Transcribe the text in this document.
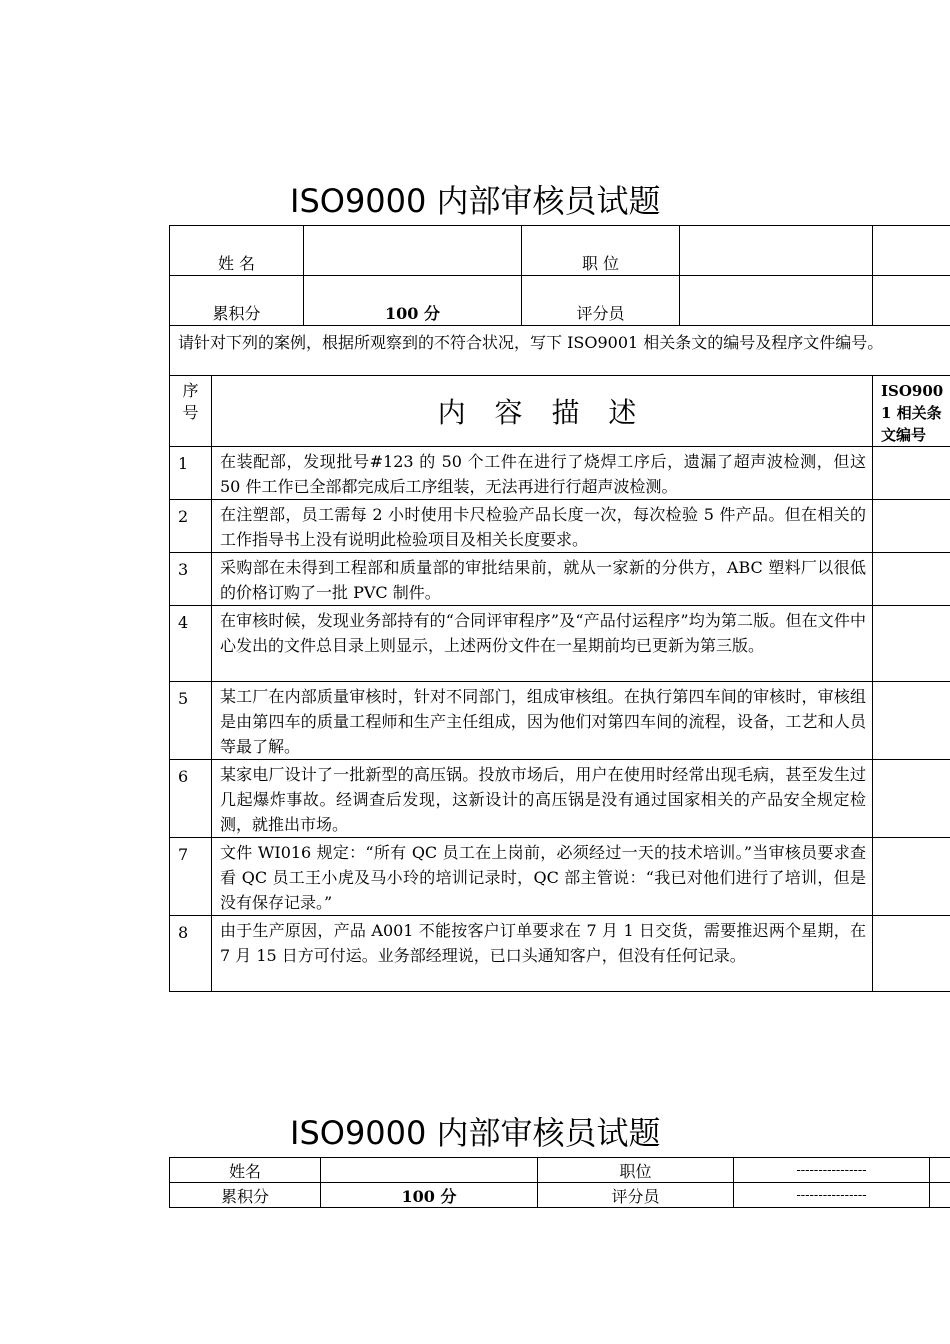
ISO9000 内部审核员试题
姓 名			职 位		
累积分		100 分	评分员		
请针对下列的案例，根据所观察到的不符合状况，写下 ISO9001 相关条文的编号及程序文件编号。					
序号	内 容 描 述				ISO9001 相关条文编号
1	在装配部，发现批号#123 的 50 个工件在进行了烧焊工序后，遗漏了超声波检测，但这 50 件工作已全部都完成后工序组装，无法再进行行超声波检测。				
2	在注塑部，员工需每 2 小时使用卡尺检验产品长度一次，每次检验 5 件产品。但在相关的工作指导书上没有说明此检验项目及相关长度要求。				
3	采购部在未得到工程部和质量部的审批结果前，就从一家新的分供方，ABC 塑料厂以很低的价格订购了一批 PVC 制件。				
4	在审核时候，发现业务部持有的“合同评审程序”及“产品付运程序”均为第二版。但在文件中心发出的文件总目录上则显示，上述两份文件在一星期前均已更新为第三版。				
5	某工厂在内部质量审核时，针对不同部门，组成审核组。在执行第四车间的审核时，审核组是由第四车的质量工程师和生产主任组成，因为他们对第四车间的流程，设备，工艺和人员等最了解。				
6	某家电厂设计了一批新型的高压锅。投放市场后，用户在使用时经常出现毛病，甚至发生过几起爆炸事故。经调查后发现，这新设计的高压锅是没有通过国家相关的产品安全规定检测，就推出市场。				
7	文件 WI016 规定：“所有 QC 员工在上岗前，必须经过一天的技术培训。”当审核员要求查看 QC 员工王小虎及马小玲的培训记录时，QC 部主管说：“我已对他们进行了培训，但是没有保存记录。”				
8	由于生产原因，产品 A001 不能按客户订单要求在 7 月 1 日交货，需要推迟两个星期，在 7 月 15 日方可付运。业务部经理说，已口头通知客户，但没有任何记录。				
ISO9000 内部审核员试题
姓名		职位	----------------	
累积分	100 分	评分员	----------------	
